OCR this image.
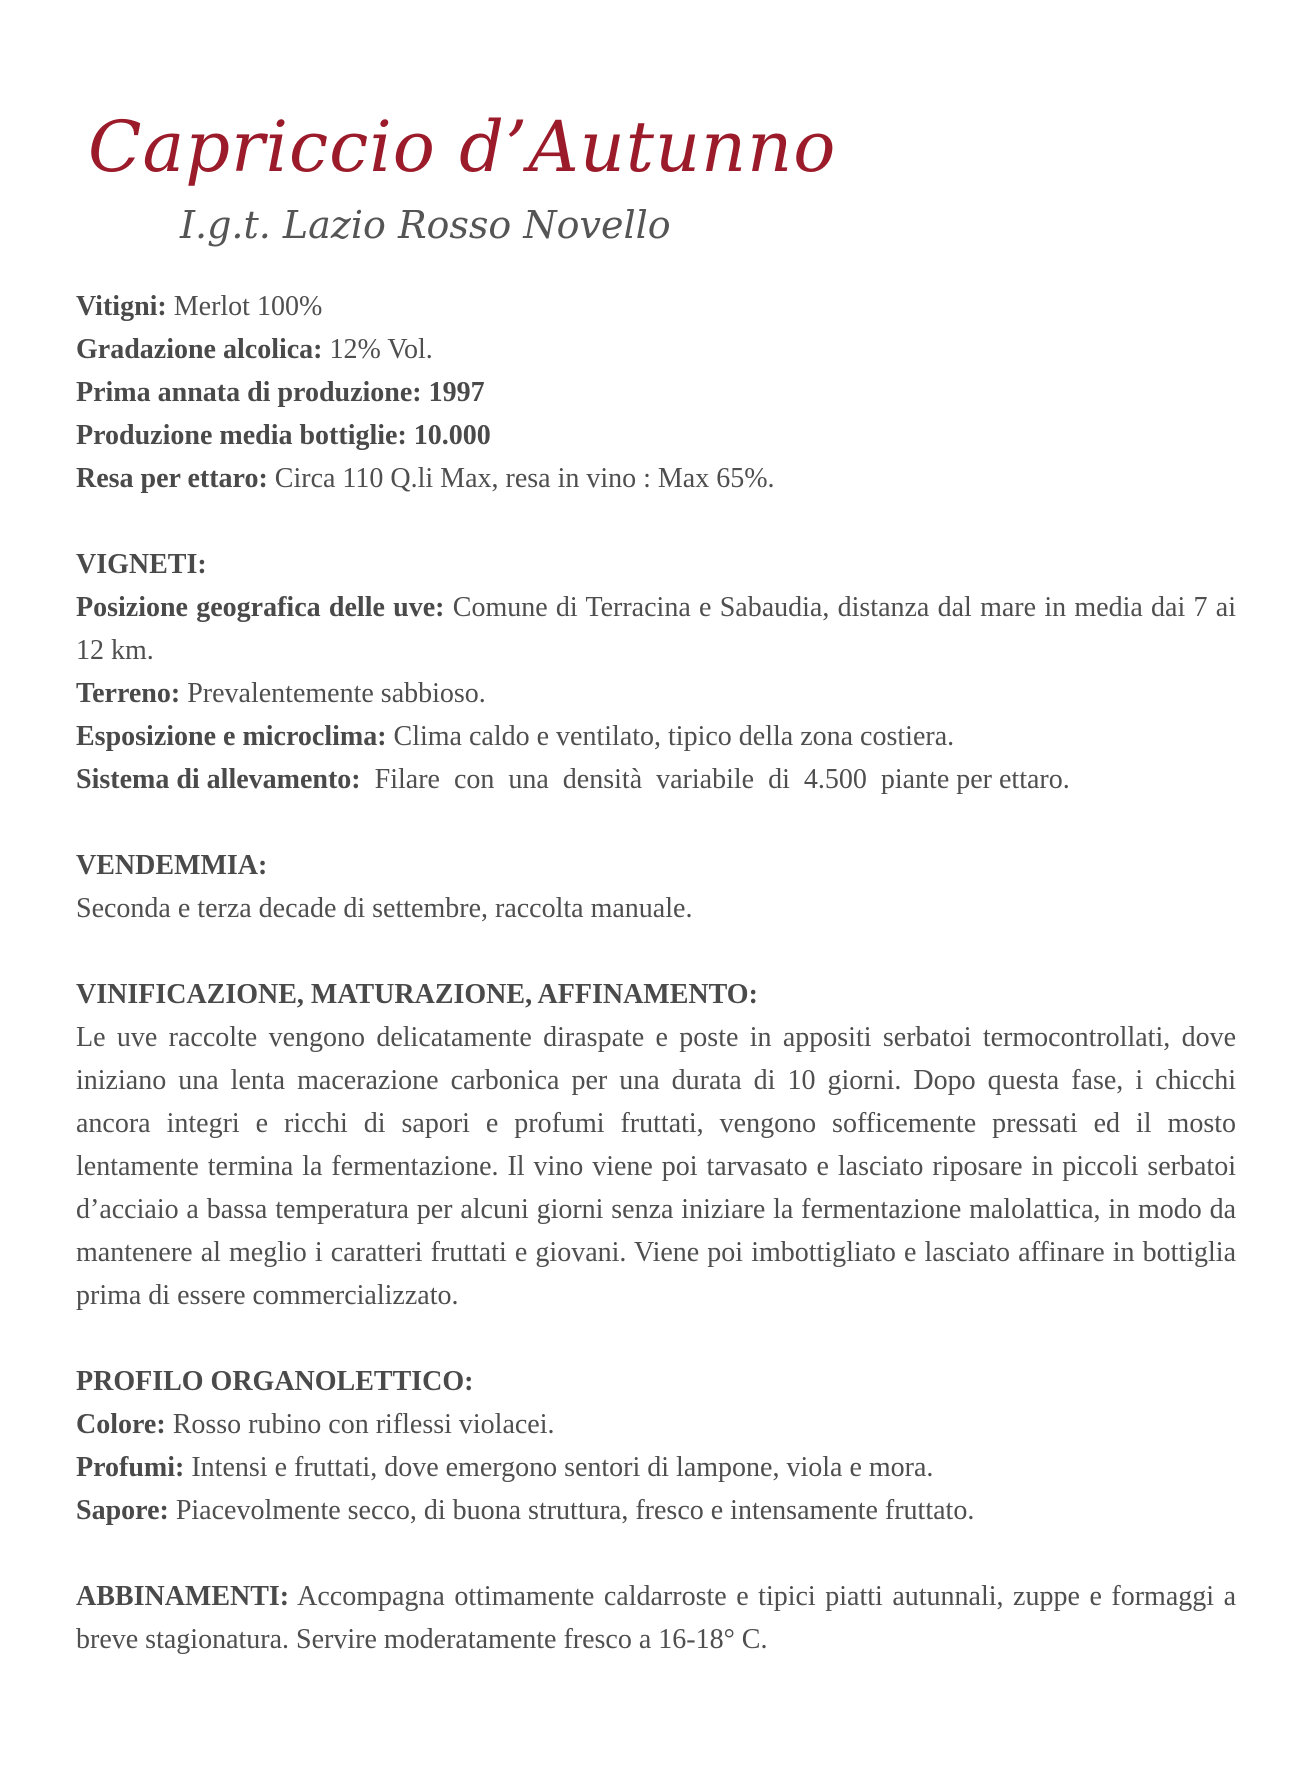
Capriccio d’Autunno
I.g.t. Lazio Rosso Novello

Vitigni: Merlot 100%

Gradazione alcolica: 12% Vol.

Prima annata di produzione: 1997

Produzione media bottiglie: 10.000

Resa per ettaro: Circa 110 Q.li Max, resa in vino : Max 65%.

VIGNETI:

Posizione geografica delle uve: Comune di Terracina e Sabaudia, distanza dal mare in media dai 7 ai 12 km.

Terreno: Prevalentemente sabbioso.

Esposizione e microclima: Clima caldo e ventilato, tipico della zona costiera.

Sistema di allevamento:  Filare  con  una  densità  variabile  di  4.500  piante per ettaro.

VENDEMMIA:

Seconda e terza decade di settembre, raccolta manuale.

VINIFICAZIONE, MATURAZIONE, AFFINAMENTO:

Le uve raccolte vengono delicatamente diraspate e poste in appositi serbatoi termocontrollati, dove iniziano una lenta macerazione carbonica per una durata di 10 giorni. Dopo questa fase, i chicchi ancora integri e ricchi di sapori e profumi fruttati, vengono sofficemente pressati ed il mosto lentamente termina la fermentazione. Il vino viene poi tarvasato e lasciato riposare in piccoli serbatoi d’acciaio a bassa temperatura per alcuni giorni senza iniziare la fermentazione malolattica, in modo da mantenere al meglio i caratteri fruttati e giovani. Viene poi imbottigliato e lasciato affinare in bottiglia prima di essere commercializzato.

PROFILO ORGANOLETTICO:

Colore: Rosso rubino con riflessi violacei.

Profumi: Intensi e fruttati, dove emergono sentori di lampone, viola e mora.

Sapore: Piacevolmente secco, di buona struttura, fresco e intensamente fruttato.

ABBINAMENTI: Accompagna ottimamente caldarroste e tipici piatti autunnali, zuppe e formaggi a breve stagionatura. Servire moderatamente fresco a 16-18° C.
